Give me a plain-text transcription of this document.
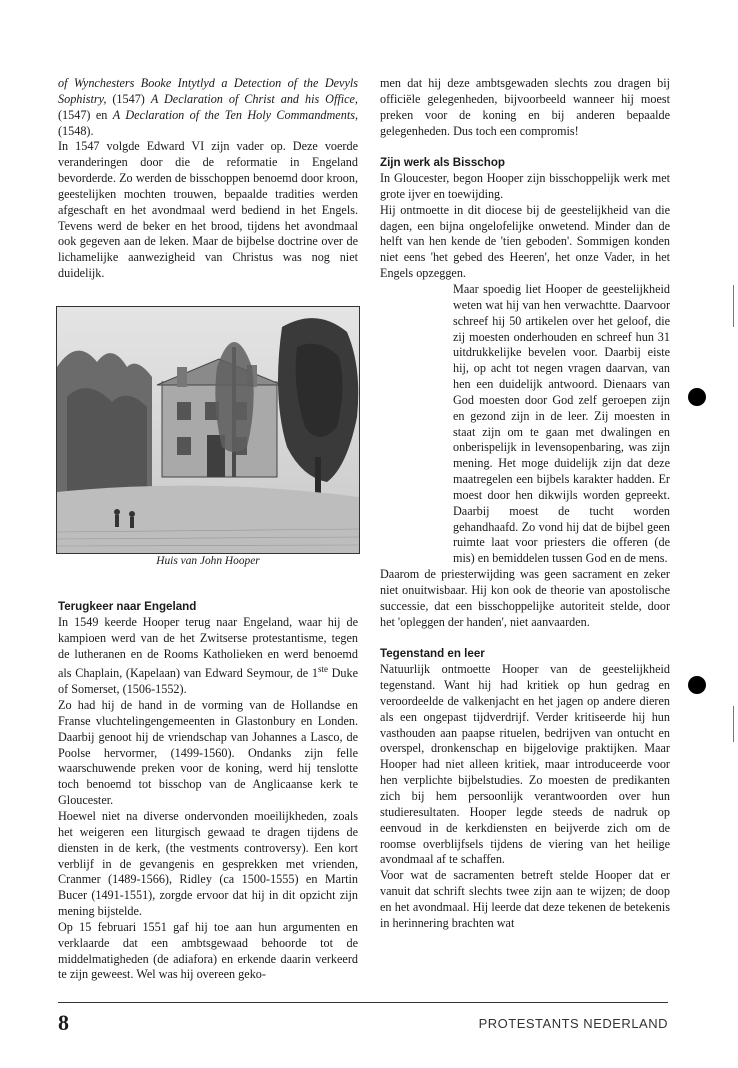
of Wynchesters Booke Intytlyd a Detection of the Devyls Sophistry, (1547) A Declaration of Christ and his Office, (1547) en A Declaration of the Ten Holy Commandments, (1548).

In 1547 volgde Edward VI zijn vader op. Deze voerde veranderingen door die de reformatie in Engeland bevorderde. Zo werden de bisschoppen benoemd door kroon, geestelijken mochten trouwen, bepaalde tradities werden afgeschaft en het avondmaal werd bediend in het Engels. Tevens werd de beker en het brood, tijdens het avondmaal ook gegeven aan de leken. Maar de bijbelse doctrine over de lichamelijke aanwezigheid van Christus was nog niet duidelijk.

Huis van John Hooper

Terugkeer naar Engeland

In 1549 keerde Hooper terug naar Engeland, waar hij de kampioen werd van de het Zwitserse protestantisme, tegen de lutheranen en de Rooms Katholieken en werd benoemd als Chaplain, (Kapelaan) van Edward Seymour, de 1ste Duke of Somerset, (1506-1552).

Zo had hij de hand in de vorming van de Hollandse en Franse vluchtelingengemeenten in Glastonbury en Londen. Daarbij genoot hij de vriendschap van Johannes a Lasco, de Poolse hervormer, (1499-1560). Ondanks zijn felle waarschuwende preken voor de koning, werd hij tenslotte toch benoemd tot bisschop van de Anglicaanse kerk te Gloucester.

Hoewel niet na diverse ondervonden moeilijkheden, zoals het weigeren een liturgisch gewaad te dragen tijdens de diensten in de kerk, (the vestments controversy). Een kort verblijf in de gevangenis en gesprekken met vrienden, Cranmer (1489-1566), Ridley (ca 1500-1555) en Martin Bucer (1491-1551), zorgde ervoor dat hij in dit opzicht zijn mening bijstelde.

Op 15 februari 1551 gaf hij toe aan hun argumenten en verklaarde dat een ambtsgewaad behoorde tot de middelmatigheden (de adiafora) en erkende daarin verkeerd te zijn geweest. Wel was hij overeen geko-

men dat hij deze ambtsgewaden slechts zou dragen bij officiële gelegenheden, bijvoorbeeld wanneer hij moest preken voor de koning en bij anderen bepaalde gelegenheden. Dus toch een compromis!

Zijn werk als Bisschop

In Gloucester, begon Hooper zijn bisschoppelijk werk met grote ijver en toewijding.

Hij ontmoette in dit diocese bij de geestelijkheid van die dagen, een bijna ongelofelijke onwetend. Minder dan de helft van hen kende de 'tien geboden'. Sommigen konden niet eens 'het gebed des Heeren', het onze Vader, in het Engels opzeggen.

Maar spoedig liet Hooper de geestelijkheid weten wat hij van hen verwachtte. Daarvoor schreef hij 50 artikelen over het geloof, die zij moesten onderhouden en schreef hun 31 uitdrukkelijke bevelen voor. Daarbij eiste hij, op acht tot negen vragen daarvan, van hen een duidelijk antwoord. Dienaars van God moesten door God zelf geroepen zijn en gezond zijn in de leer. Zij moesten in staat zijn om te gaan met dwalingen en onberispelijk in levensopenbaring, was zijn mening. Het moge duidelijk zijn dat deze maatregelen een bijbels karakter hadden. Er moest door hen dikwijls worden gepreekt. Daarbij moest de tucht worden gehandhaafd. Zo vond hij dat de bijbel geen ruimte laat voor priesters die offeren (de mis) en bemiddelen tussen God en de mens.

Daarom de priesterwijding was geen sacrament en zeker niet onuitwisbaar. Hij kon ook de theorie van apostolische successie, dat een bisschoppelijke autoriteit stelde, door het 'opleggen der handen', niet aanvaarden.

Tegenstand en leer

Natuurlijk ontmoette Hooper van de geestelijkheid tegenstand. Want hij had kritiek op hun gedrag en veroordeelde de valkenjacht en het jagen op andere dieren als een ongepast tijdverdrijf. Verder kritiseerde hij hun vasthouden aan paapse rituelen, bedrijven van ontucht en overspel, dronkenschap en bijgelovige praktijken. Maar Hooper had niet alleen kritiek, maar introduceerde voor hen verplichte bijbelstudies. Zo moesten de predikanten zich bij hem persoonlijk verantwoorden over hun studieresultaten. Hooper legde steeds de nadruk op eenvoud in de kerkdiensten en beijverde zich om de roomse overblijfsels tijdens de viering van het heilige avondmaal af te schaffen.

Voor wat de sacramenten betreft stelde Hooper dat er vanuit dat schrift slechts twee zijn aan te wijzen; de doop en het avondmaal. Hij leerde dat deze tekenen de betekenis in herinnering brachten wat

8	PROTESTANTS NEDERLAND
